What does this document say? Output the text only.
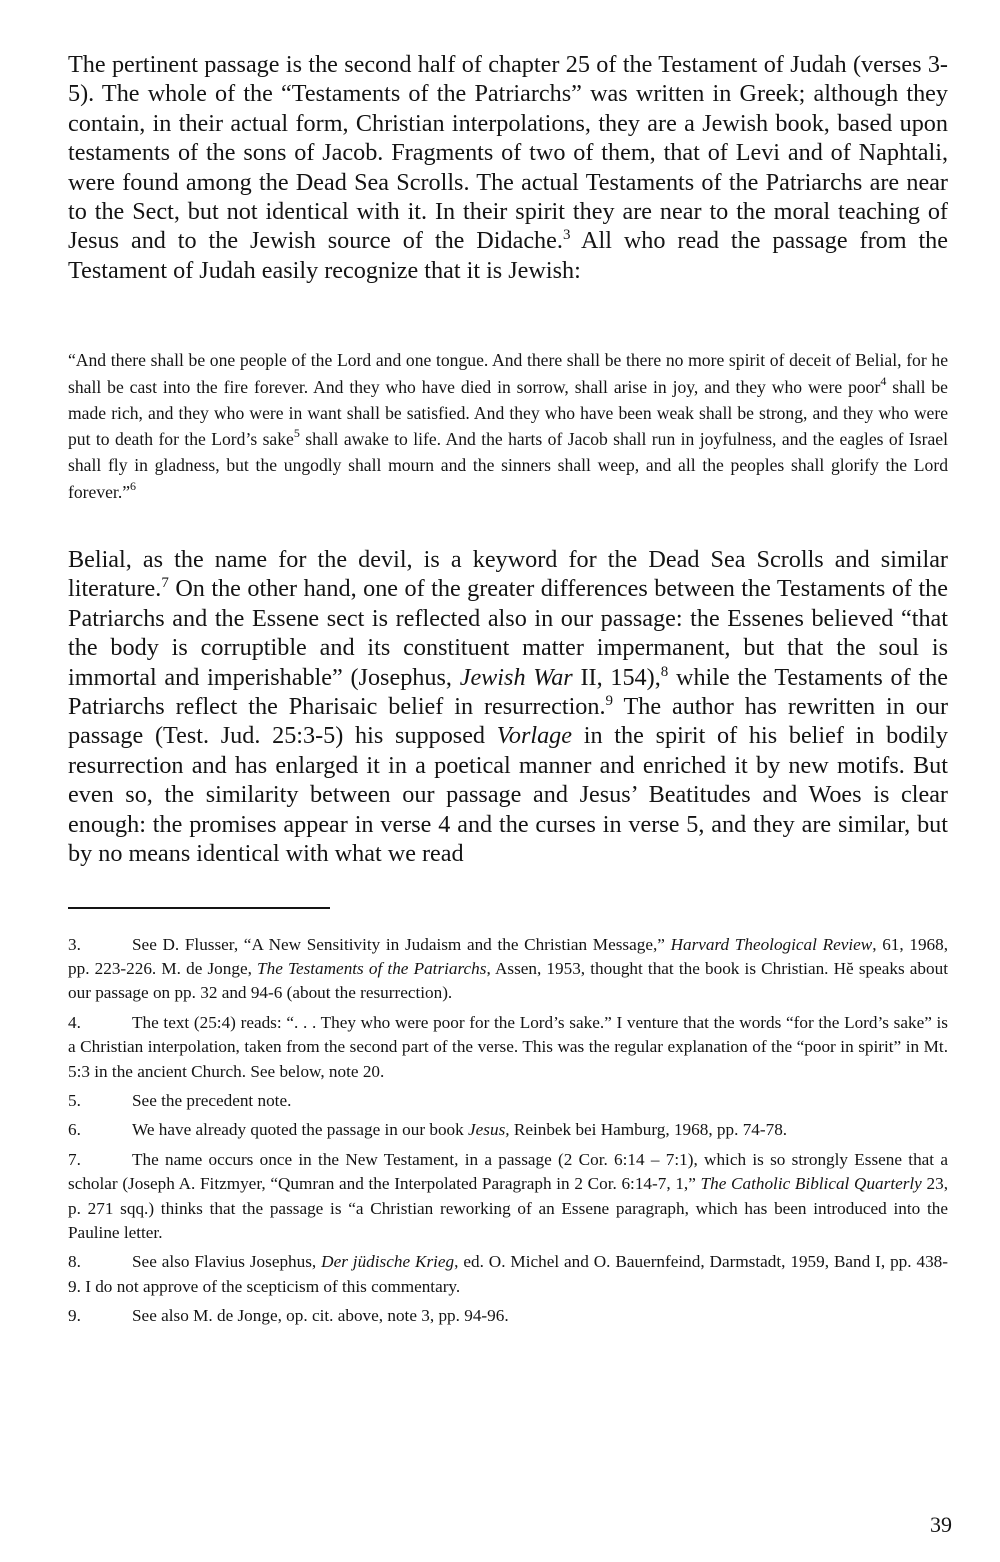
The pertinent passage is the second half of chapter 25 of the Testament of Judah (verses 3-5). The whole of the “Testaments of the Patriarchs” was written in Greek; although they contain, in their actual form, Christian interpolations, they are a Jewish book, based upon testaments of the sons of Jacob. Fragments of two of them, that of Levi and of Naphtali, were found among the Dead Sea Scrolls. The actual Testaments of the Patriarchs are near to the Sect, but not identical with it. In their spirit they are near to the moral teaching of Jesus and to the Jewish source of the Didache.$^3$ All who read the passage from the Testament of Judah easily recognize that it is Jewish:

“And there shall be one people of the Lord and one tongue. And there shall be there no more spirit of deceit of Belial, for he shall be cast into the fire forever. And they who have died in sorrow, shall arise in joy, and they who were poor$^4$ shall be made rich, and they who were in want shall be satisfied. And they who have been weak shall be strong, and they who were put to death for the Lord’s sake$^5$ shall awake to life. And the harts of Jacob shall run in joyfulness, and the eagles of Israel shall fly in gladness, but the ungodly shall mourn and the sinners shall weep, and all the peoples shall glorify the Lord forever.”$^6$

Belial, as the name for the devil, is a keyword for the Dead Sea Scrolls and similar literature.$^7$ On the other hand, one of the greater differences between the Testaments of the Patriarchs and the Essene sect is reflected also in our passage: the Essenes believed “that the body is corruptible and its constituent matter impermanent, but that the soul is immortal and imperishable” (Josephus, Jewish War II, 154),$^8$ while the Testaments of the Patriarchs reflect the Pharisaic belief in resurrection.$^9$ The author has rewritten in our passage (Test. Jud. 25:3-5) his supposed Vorlage in the spirit of his belief in bodily resurrection and has enlarged it in a poetical manner and enriched it by new motifs. But even so, the similarity between our passage and Jesus’ Beatitudes and Woes is clear enough: the promises appear in verse 4 and the curses in verse 5, and they are similar, but by no means identical with what we read

3.	See D. Flusser, “A New Sensitivity in Judaism and the Christian Message,” Harvard Theological Review, 61, 1968, pp. 223-226. M. de Jonge, The Testaments of the Patriarchs, Assen, 1953, thought that the book is Christian. Hĕ speaks about our passage on pp. 32 and 94-6 (about the resurrection).

4.	The text (25:4) reads: “. . . They who were poor for the Lord’s sake.” I venture that the words “for the Lord’s sake” is a Christian interpolation, taken from the second part of the verse. This was the regular explanation of the “poor in spirit” in Mt. 5:3 in the ancient Church. See below, note 20.

5.	See the precedent note.

6.	We have already quoted the passage in our book Jesus, Reinbek bei Hamburg, 1968, pp. 74-78.

7.	The name occurs once in the New Testament, in a passage (2 Cor. 6:14 – 7:1), which is so strongly Essene that a scholar (Joseph A. Fitzmyer, “Qumran and the Interpolated Paragraph in 2 Cor. 6:14-7, 1,” The Catholic Biblical Quarterly 23, p. 271 sqq.) thinks that the passage is “a Christian reworking of an Essene paragraph, which has been introduced into the Pauline letter.

8.	See also Flavius Josephus, Der jüdische Krieg, ed. O. Michel and O. Bauernfeind, Darmstadt, 1959, Band I, pp. 438-9. I do not approve of the scepticism of this commentary.

9.	See also M. de Jonge, op. cit. above, note 3, pp. 94-96.

39
